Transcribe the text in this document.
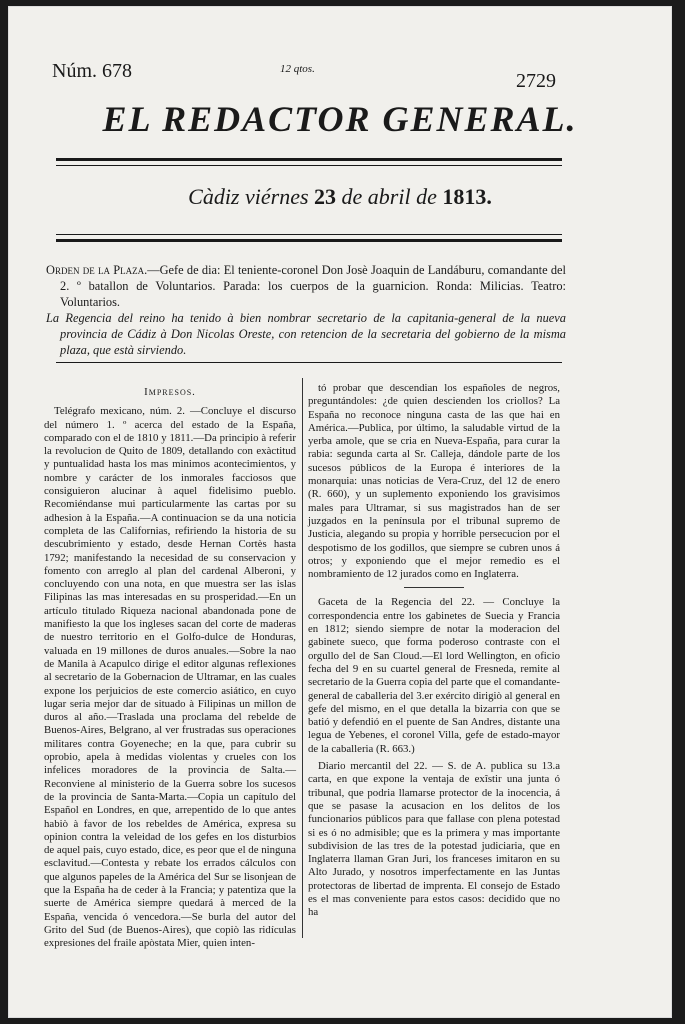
Núm. 678	12 qtos.
2729
EL REDACTOR GENERAL.
Càdiz viérnes 23 de abril de 1813.

Orden de la Plaza.—Gefe de dia: El teniente-coronel Don Josè Joaquin de Landáburu, comandante del 2. º batallon de Voluntarios. Parada: los cuerpos de la guarnicion. Ronda: Milicias. Teatro: Voluntarios.

La Regencia del reino ha tenido à bien nombrar secretario de la capitania-general de la nueva provincia de Cádiz à Don Nicolas Oreste, con retencion de la secretaria del gobierno de la misma plaza, que està sirviendo.

Impresos.

Telégrafo mexicano, núm. 2. —Concluye el discurso del número 1. º acerca del estado de la España, comparado con el de 1810 y 1811.—Da principio à referir la revolucion de Quito de 1809, detallando con exàctitud y puntualidad hasta los mas minimos acontecimientos, y nombre y carácter de los inmorales facciosos que consiguieron alucinar à aquel fidelisimo pueblo. Recomiéndanse mui particularmente las cartas por su adhesion à la España.—A continuacion se da una noticia completa de las Californias, refiriendo la historia de su descubrimiento y estado, desde Hernan Cortès hasta 1792; manifestando la necesidad de su conservacion y fomento con arreglo al plan del cardenal Alberoni, y concluyendo con una nota, en que muestra ser las islas Filipinas las mas interesadas en su prosperidad.—En un artículo titulado Riqueza nacional abandonada pone de manifiesto la que los ingleses sacan del corte de maderas de nuestro territorio en el Golfo-dulce de Honduras, valuada en 19 millones de duros anuales.—Sobre la nao de Manila à Acapulco dirige el editor algunas reflexiones al secretario de la Gobernacion de Ultramar, en las cuales expone los perjuicios de este comercio asiático, en cuyo lugar seria mejor dar de situado à Filipinas un millon de duros al año.—Traslada una proclama del rebelde de Buenos-Aires, Belgrano, al ver frustradas sus operaciones militares contra Goyeneche; en la que, para cubrir su oprobio, apela à medidas violentas y crueles con los infelices moradores de la provincia de Salta.—Reconviene al ministerio de la Guerra sobre los sucesos de la provincia de Santa-Marta.—Copia un capítulo del Español en Londres, en que, arrepentido de lo que antes habiò à favor de los rebeldes de América, expresa su opinion contra la veleidad de los gefes en los disturbios de aquel pais, cuyo estado, dice, es peor que el de ninguna esclavitud.—Contesta y rebate los errados cálculos con que algunos papeles de la América del Sur se lisonjean de que la España ha de ceder à la Francia; y patentiza que la suerte de América siempre quedará à merced de la España, vencida ó vencedora.—Se burla del autor del Grito del Sud (de Buenos-Aires), que copiò las ridículas expresiones del fraile apòstata Mier, quien inten-

tó probar que descendian los españoles de negros, preguntándoles: ¿de quien descienden los criollos? La España no reconoce ninguna casta de las que hai en América.—Publica, por último, la saludable virtud de la yerba amole, que se cria en Nueva-España, para curar la rabia: segunda carta al Sr. Calleja, dándole parte de los sucesos públicos de la Europa é interiores de la monarquia: unas noticias de Vera-Cruz, del 12 de enero (R. 660), y un suplemento exponiendo los gravisimos males para Ultramar, si sus magistrados han de ser juzgados en la península por el tribunal supremo de Justicia, alegando su propia y horrible persecucion por el despotismo de los godillos, que siempre se cubren unos á otros; y exponiendo que el mejor remedio es el nombramiento de 12 jurados como en Inglaterra.

Gaceta de la Regencia del 22. — Concluye la correspondencia entre los gabinetes de Suecia y Francia en 1812; siendo siempre de notar la moderacion del gabinete sueco, que forma poderoso contraste con el orgullo del de San Cloud.—El lord Wellington, en oficio fecha del 9 en su cuartel general de Fresneda, remite al secretario de la Guerra copia del parte que el comandante-general de caballeria del 3.er exército dirigiò al general en gefe del mismo, en el que detalla la bizarria con que se batió y defendió en el puente de San Andres, distante una legua de Yebenes, el coronel Villa, gefe de estado-mayor de la caballeria (R. 663.)

Diario mercantil del 22. — S. de A. publica su 13.a carta, en que expone la ventaja de exîstir una junta ó tribunal, que podria llamarse protector de la inocencia, á que se pasase la acusacion en los delitos de los funcionarios públicos para que fallase con plena potestad si es ó no admisible; que es la primera y mas importante subdivision de las tres de la potestad judiciaria, que en Inglaterra llaman Gran Juri, los franceses imitaron en su Alto Jurado, y nosotros imperfectamente en las Juntas protectoras de libertad de imprenta. El consejo de Estado es el mas conveniente para estos casos: decidido que no ha
